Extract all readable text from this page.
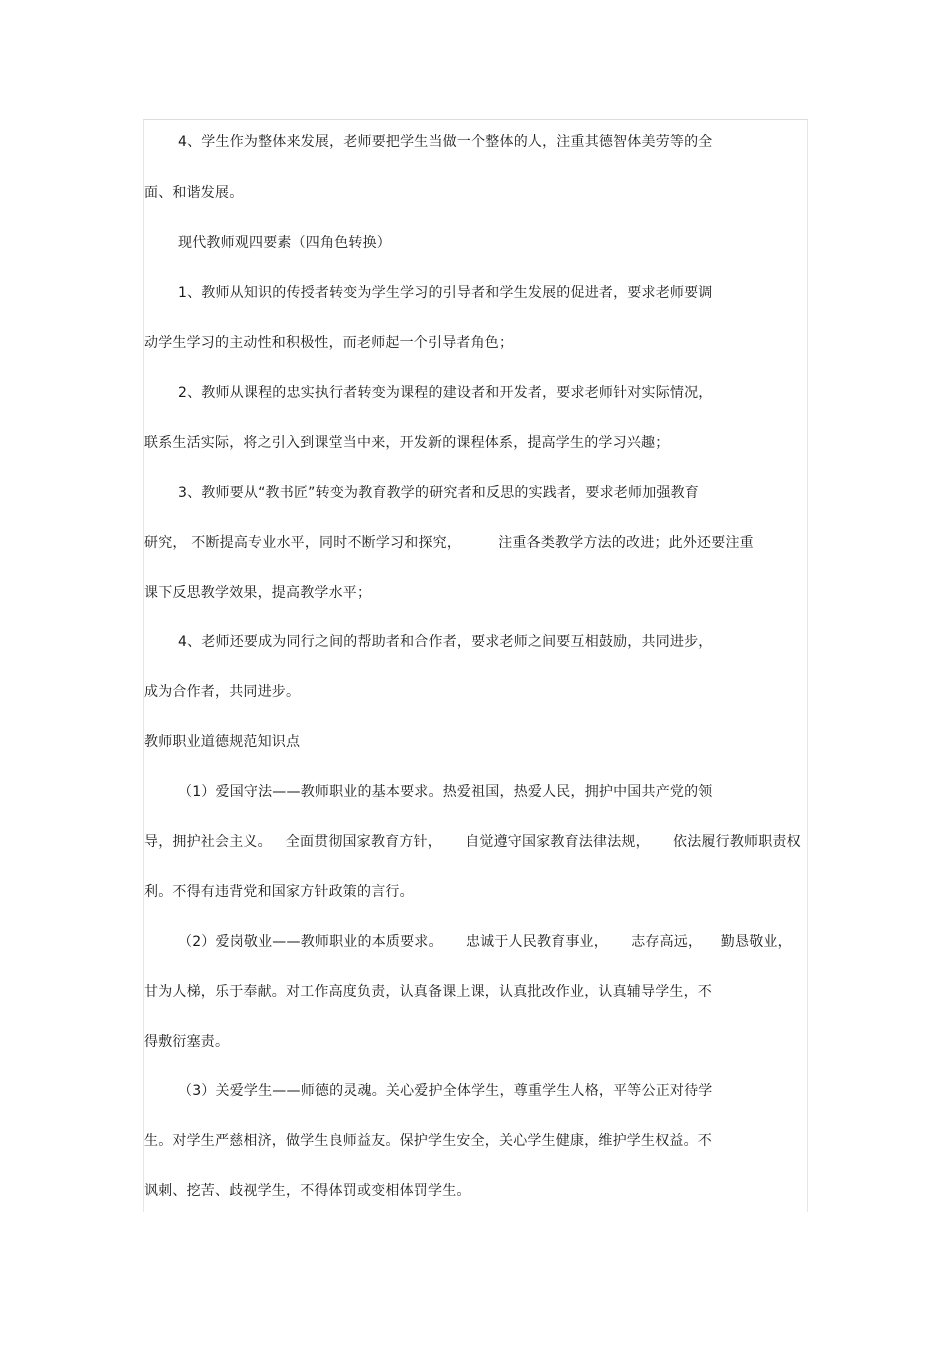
4、学生作为整体来发展，老师要把学生当做一个整体的人，注重其德智体美劳等的全
面、和谐发展。
现代教师观四要素（四角色转换）
1、教师从知识的传授者转变为学生学习的引导者和学生发展的促进者，要求老师要调
动学生学习的主动性和积极性，而老师起一个引导者角色；
2、教师从课程的忠实执行者转变为课程的建设者和开发者，要求老师针对实际情况，
联系生活实际，将之引入到课堂当中来，开发新的课程体系，提高学生的学习兴趣；
3、教师要从“教书匠”转变为教育教学的研究者和反思的实践者，要求老师加强教育
研究， 不断提高专业水平，同时不断学习和探究，        注重各类教学方法的改进；此外还要注重
课下反思教学效果，提高教学水平；
4、老师还要成为同行之间的帮助者和合作者，要求老师之间要互相鼓励，共同进步，
成为合作者，共同进步。
教师职业道德规范知识点
（1）爱国守法——教师职业的基本要求。热爱祖国，热爱人民，拥护中国共产党的领
导，拥护社会主义。   全面贯彻国家教育方针，     自觉遵守国家教育法律法规，     依法履行教师职责权
利。不得有违背党和国家方针政策的言行。
（2）爱岗敬业——教师职业的本质要求。     忠诚于人民教育事业，     志存高远，    勤恳敬业，
甘为人梯，乐于奉献。对工作高度负责，认真备课上课，认真批改作业，认真辅导学生，不
得敷衍塞责。
（3）关爱学生——师德的灵魂。关心爱护全体学生，尊重学生人格，平等公正对待学
生。对学生严慈相济，做学生良师益友。保护学生安全，关心学生健康，维护学生权益。不
讽刺、挖苦、歧视学生，不得体罚或变相体罚学生。
